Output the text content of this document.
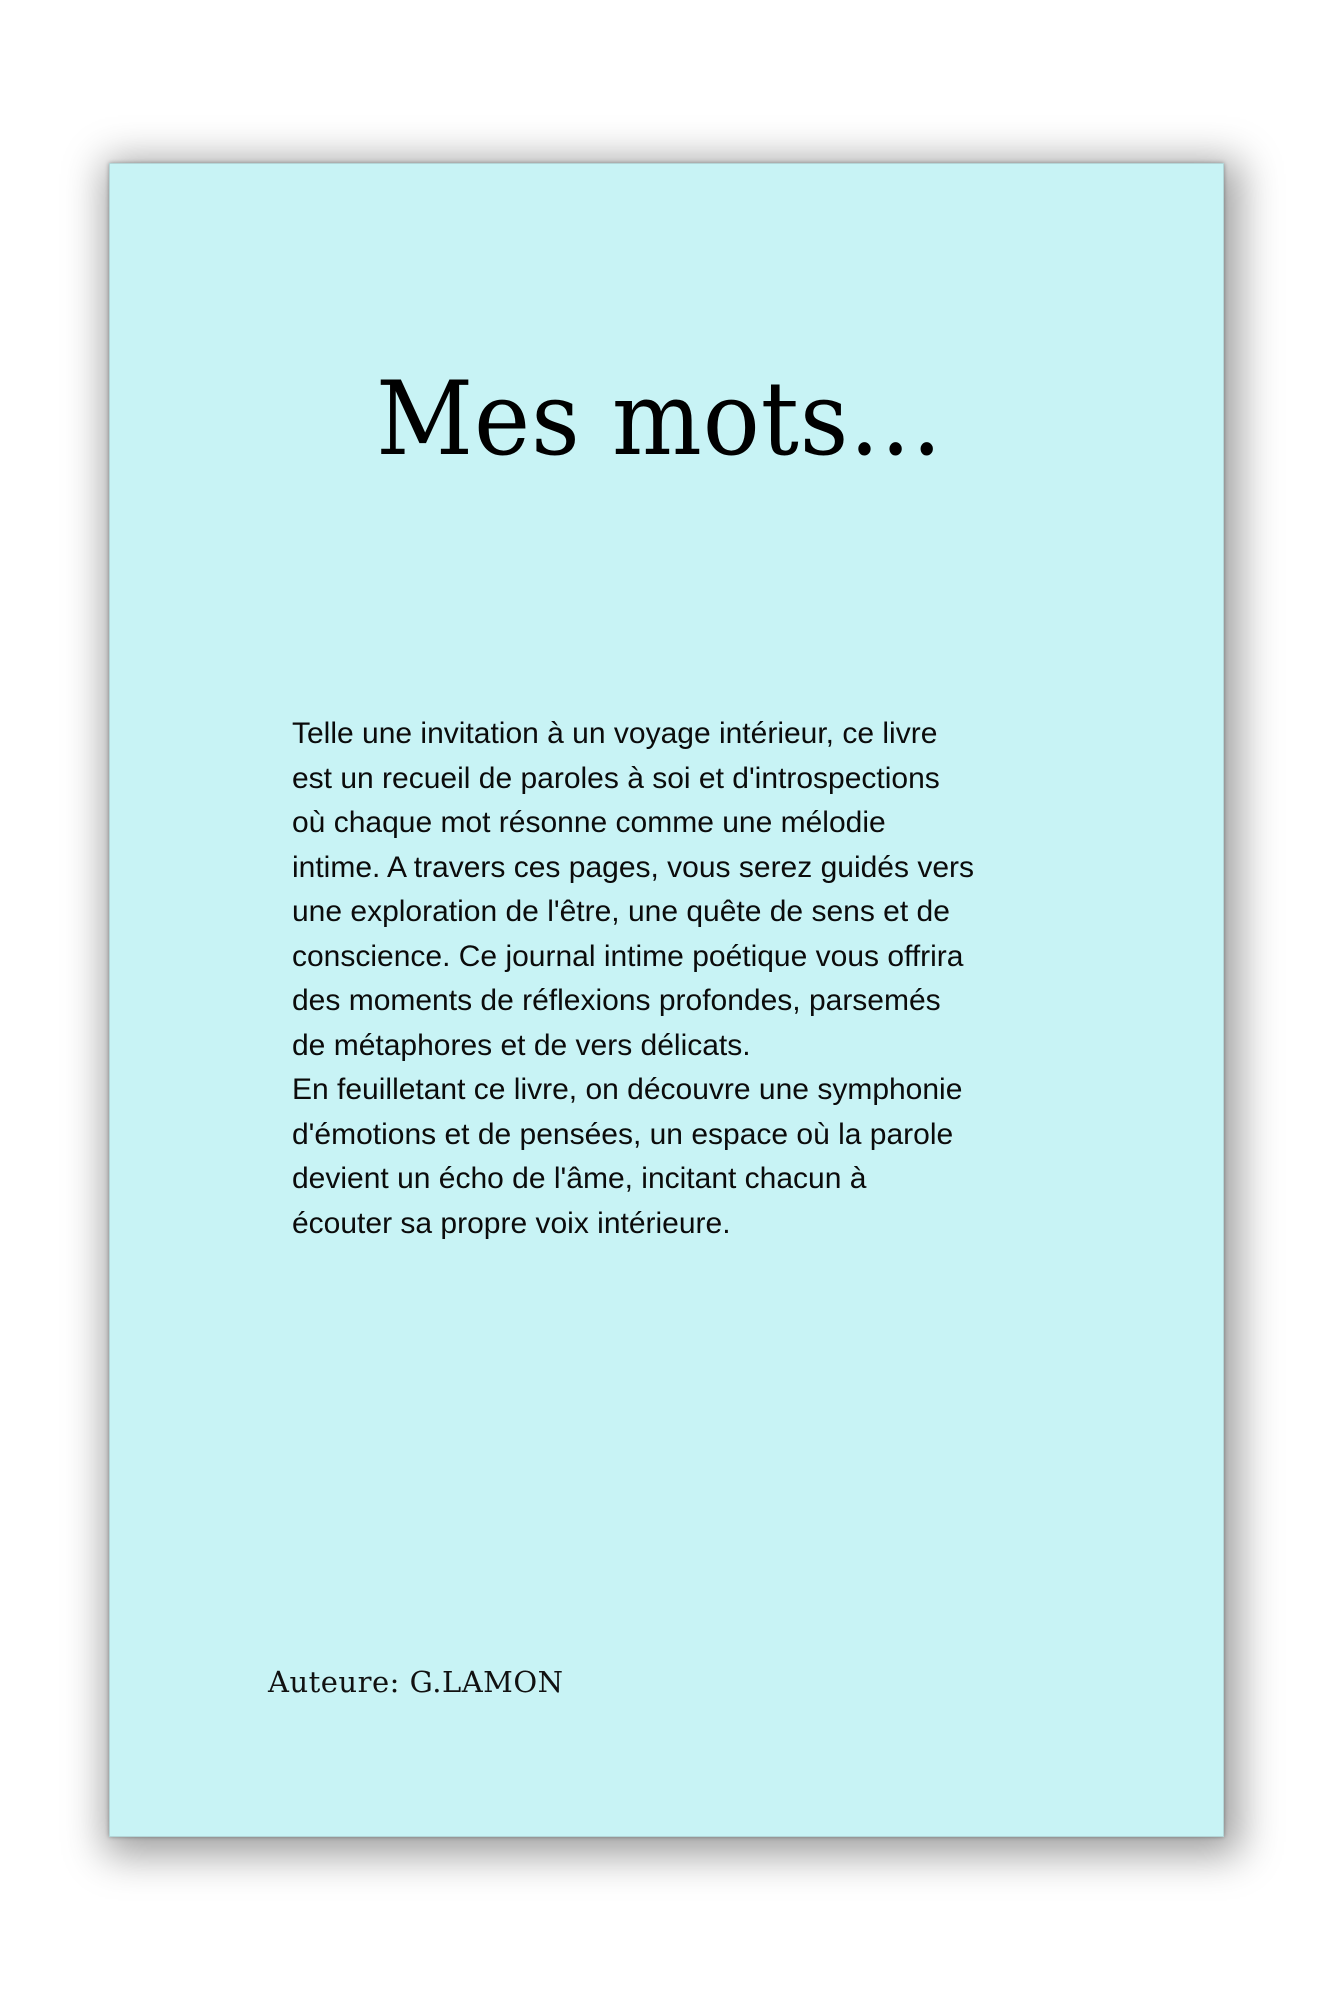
Mes mots...

Telle une invitation à un voyage intérieur, ce livre
est un recueil de paroles à soi et d'introspections
où chaque mot résonne comme une mélodie
intime. A travers ces pages, vous serez guidés vers
une exploration de l'être, une quête de sens et de
conscience. Ce journal intime poétique vous offrira
des moments de réflexions profondes, parsemés
de métaphores et de vers délicats.
En feuilletant ce livre, on découvre une symphonie
d'émotions et de pensées, un espace où la parole
devient un écho de l'âme, incitant chacun à
écouter sa propre voix intérieure.

Auteure: G.LAMON
